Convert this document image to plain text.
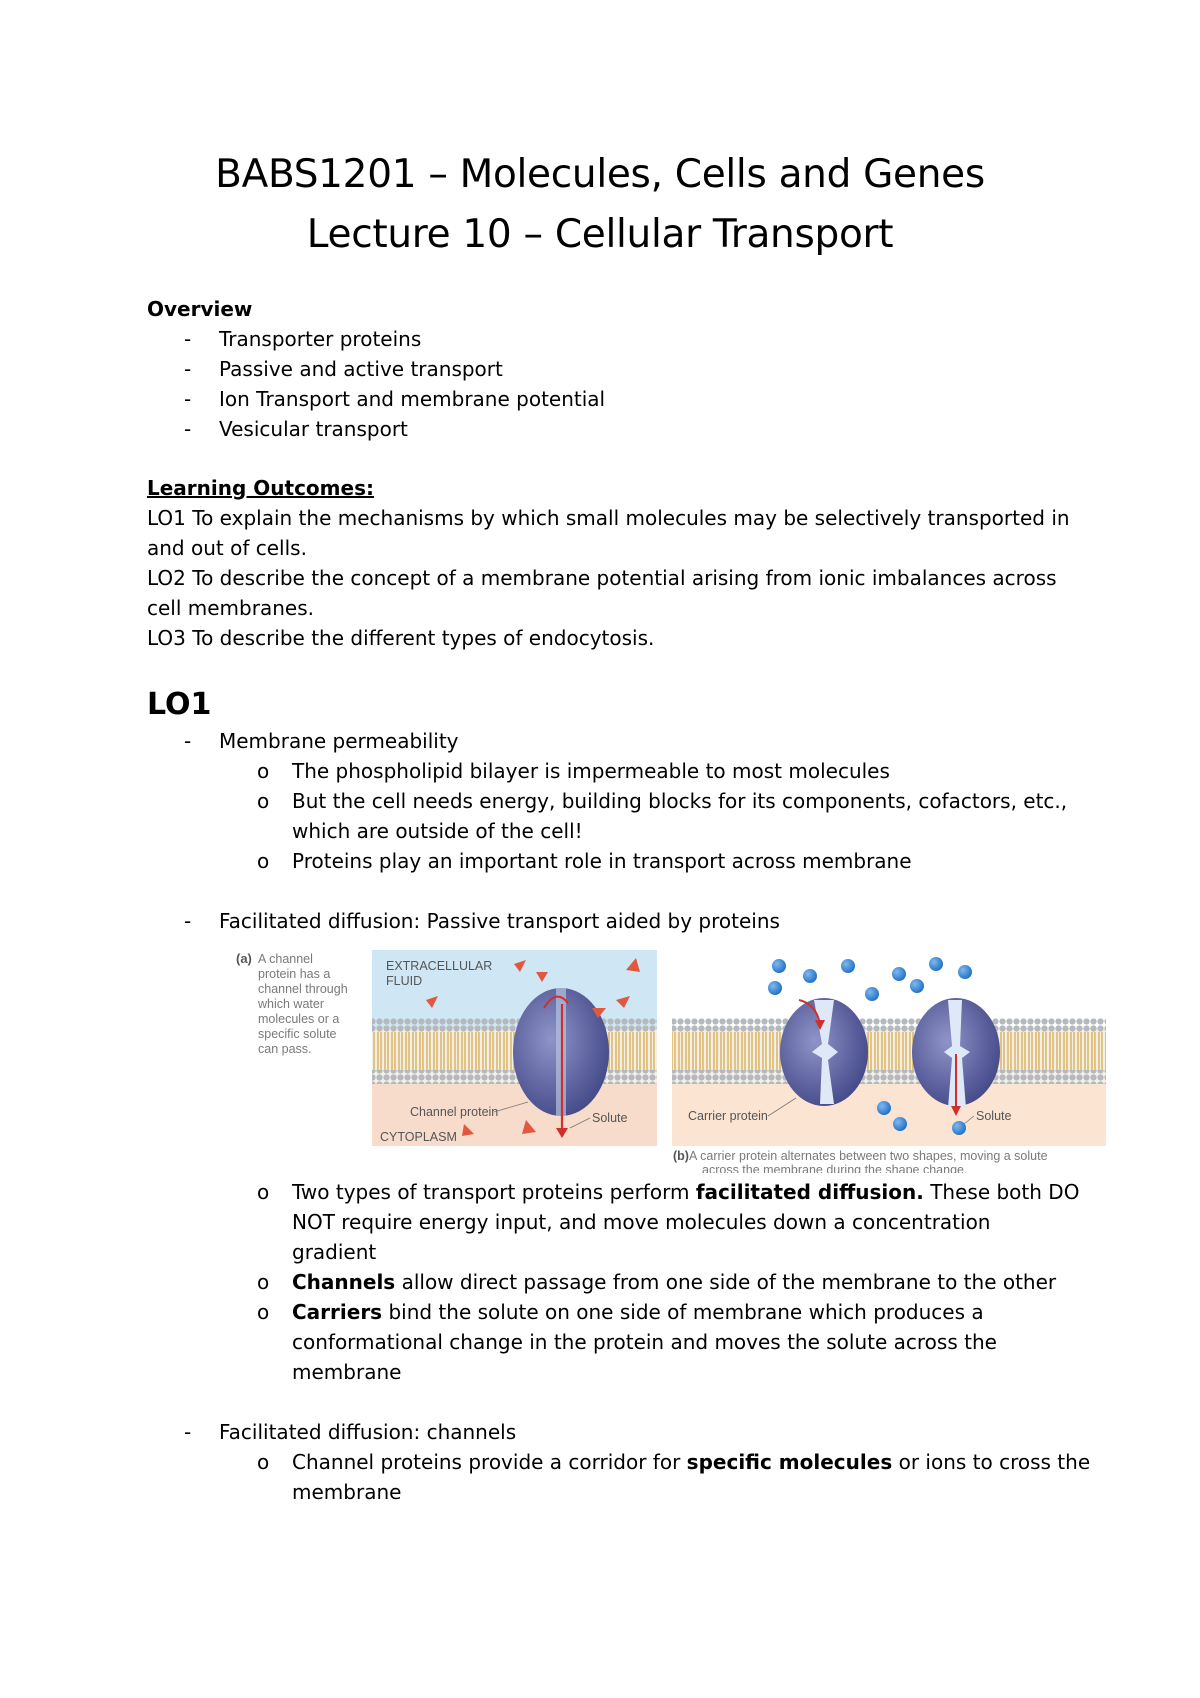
BABS1201 – Molecules, Cells and Genes
Lecture 10 – Cellular Transport
Overview
- Transporter proteins
- Passive and active transport
- Ion Transport and membrane potential
- Vesicular transport
Learning Outcomes:
LO1 To explain the mechanisms by which small molecules may be selectively transported in
and out of cells.
LO2 To describe the concept of a membrane potential arising from ionic imbalances across
cell membranes.
LO3 To describe the different types of endocytosis.
LO1
- Membrane permeability
o The phospholipid bilayer is impermeable to most molecules
o But the cell needs energy, building blocks for its components, cofactors, etc.,
which are outside of the cell!
o Proteins play an important role in transport across membrane
- Facilitated diffusion: Passive transport aided by proteins
(a) A channel
protein has a
channel through
which water
molecules or a
specific solute
can pass.
EXTRACELLULAR
FLUID
CYTOPLASM
Channel protein	Solute	Carrier protein	Solute
(b) A carrier protein alternates between two shapes, moving a solute
across the membrane during the shape change.
o Two types of transport proteins perform facilitated diffusion. These both DO
NOT require energy input, and move molecules down a concentration
gradient
o Channels allow direct passage from one side of the membrane to the other
o Carriers bind the solute on one side of membrane which produces a
conformational change in the protein and moves the solute across the
membrane
- Facilitated diffusion: channels
o Channel proteins provide a corridor for specific molecules or ions to cross the
membrane
